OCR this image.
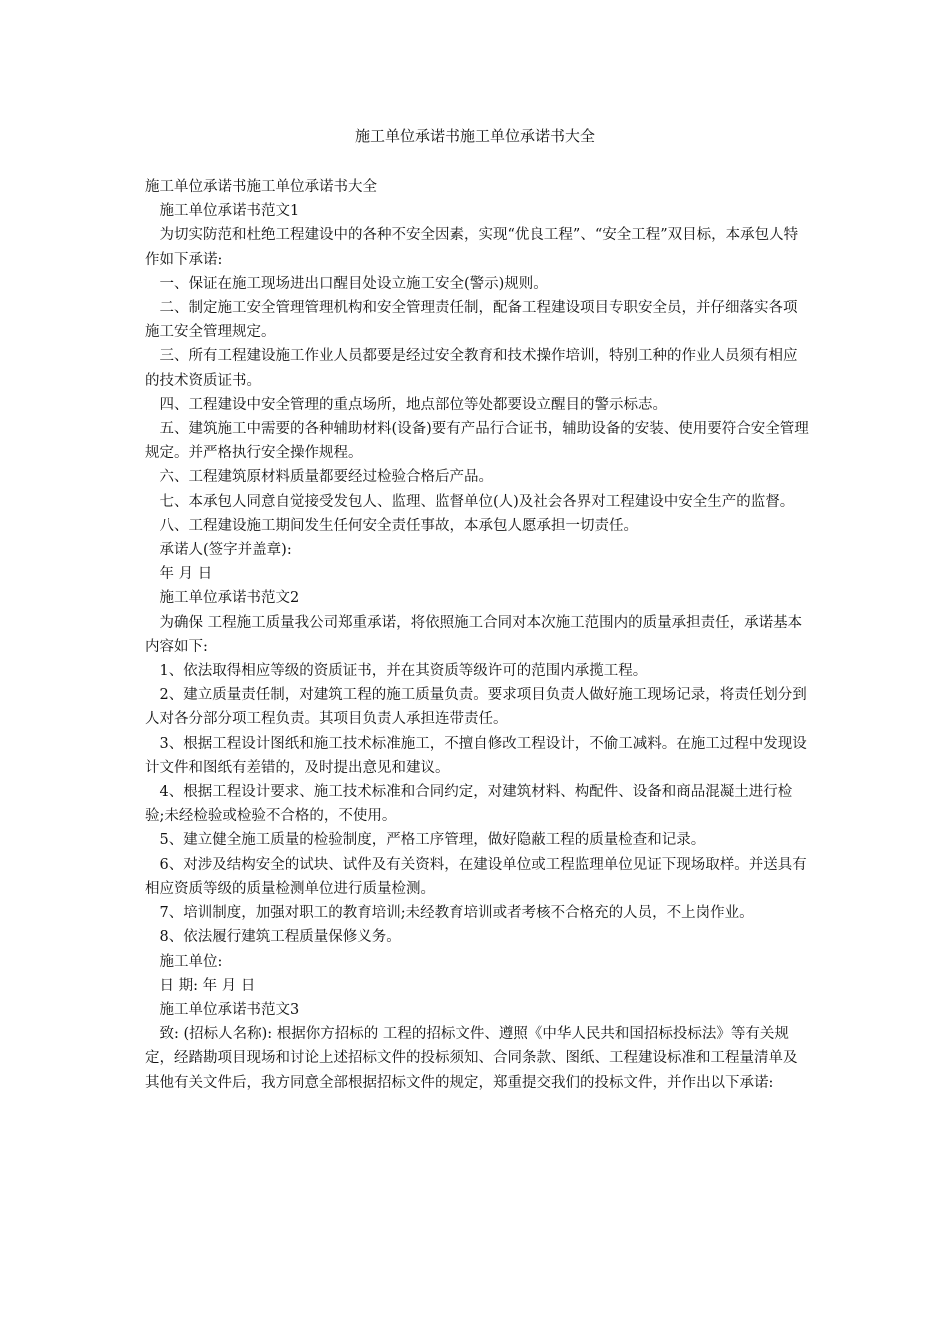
施工单位承诺书施工单位承诺书大全

施工单位承诺书施工单位承诺书大全

施工单位承诺书范文1

为切实防范和杜绝工程建设中的各种不安全因素，实现“优良工程”、“安全工程”双目标，本承包人特作如下承诺:

一、保证在施工现场进出口醒目处设立施工安全(警示)规则。

二、制定施工安全管理管理机构和安全管理责任制，配备工程建设项目专职安全员，并仔细落实各项施工安全管理规定。

三、所有工程建设施工作业人员都要是经过安全教育和技术操作培训，特别工种的作业人员须有相应的技术资质证书。

四、工程建设中安全管理的重点场所，地点部位等处都要设立醒目的警示标志。

五、建筑施工中需要的各种辅助材料(设备)要有产品行合证书，辅助设备的安装、使用要符合安全管理规定。并严格执行安全操作规程。

六、工程建筑原材料质量都要经过检验合格后产品。

七、本承包人同意自觉接受发包人、监理、监督单位(人)及社会各界对工程建设中安全生产的监督。

八、工程建设施工期间发生任何安全责任事故，本承包人愿承担一切责任。

承诺人(签字并盖章):

年 月 日

施工单位承诺书范文2

为确保 工程施工质量我公司郑重承诺，将依照施工合同对本次施工范围内的质量承担责任，承诺基本内容如下:

1、依法取得相应等级的资质证书，并在其资质等级许可的范围内承揽工程。

2、建立质量责任制，对建筑工程的施工质量负责。要求项目负责人做好施工现场记录，将责任划分到人对各分部分项工程负责。其项目负责人承担连带责任。

3、根据工程设计图纸和施工技术标准施工，不擅自修改工程设计，不偷工减料。在施工过程中发现设计文件和图纸有差错的，及时提出意见和建议。

4、根据工程设计要求、施工技术标准和合同约定，对建筑材料、构配件、设备和商品混凝土进行检验;未经检验或检验不合格的，不使用。

5、建立健全施工质量的检验制度，严格工序管理，做好隐蔽工程的质量检查和记录。

6、对涉及结构安全的试块、试件及有关资料，在建设单位或工程监理单位见证下现场取样。并送具有相应资质等级的质量检测单位进行质量检测。

7、培训制度，加强对职工的教育培训;未经教育培训或者考核不合格充的人员，不上岗作业。

8、依法履行建筑工程质量保修义务。

施工单位:

日 期: 年 月 日

施工单位承诺书范文3

致: (招标人名称): 根据你方招标的 工程的招标文件、遵照《中华人民共和国招标投标法》等有关规定，经踏勘项目现场和讨论上述招标文件的投标须知、合同条款、图纸、工程建设标准和工程量清单及其他有关文件后，我方同意全部根据招标文件的规定，郑重提交我们的投标文件，并作出以下承诺:
